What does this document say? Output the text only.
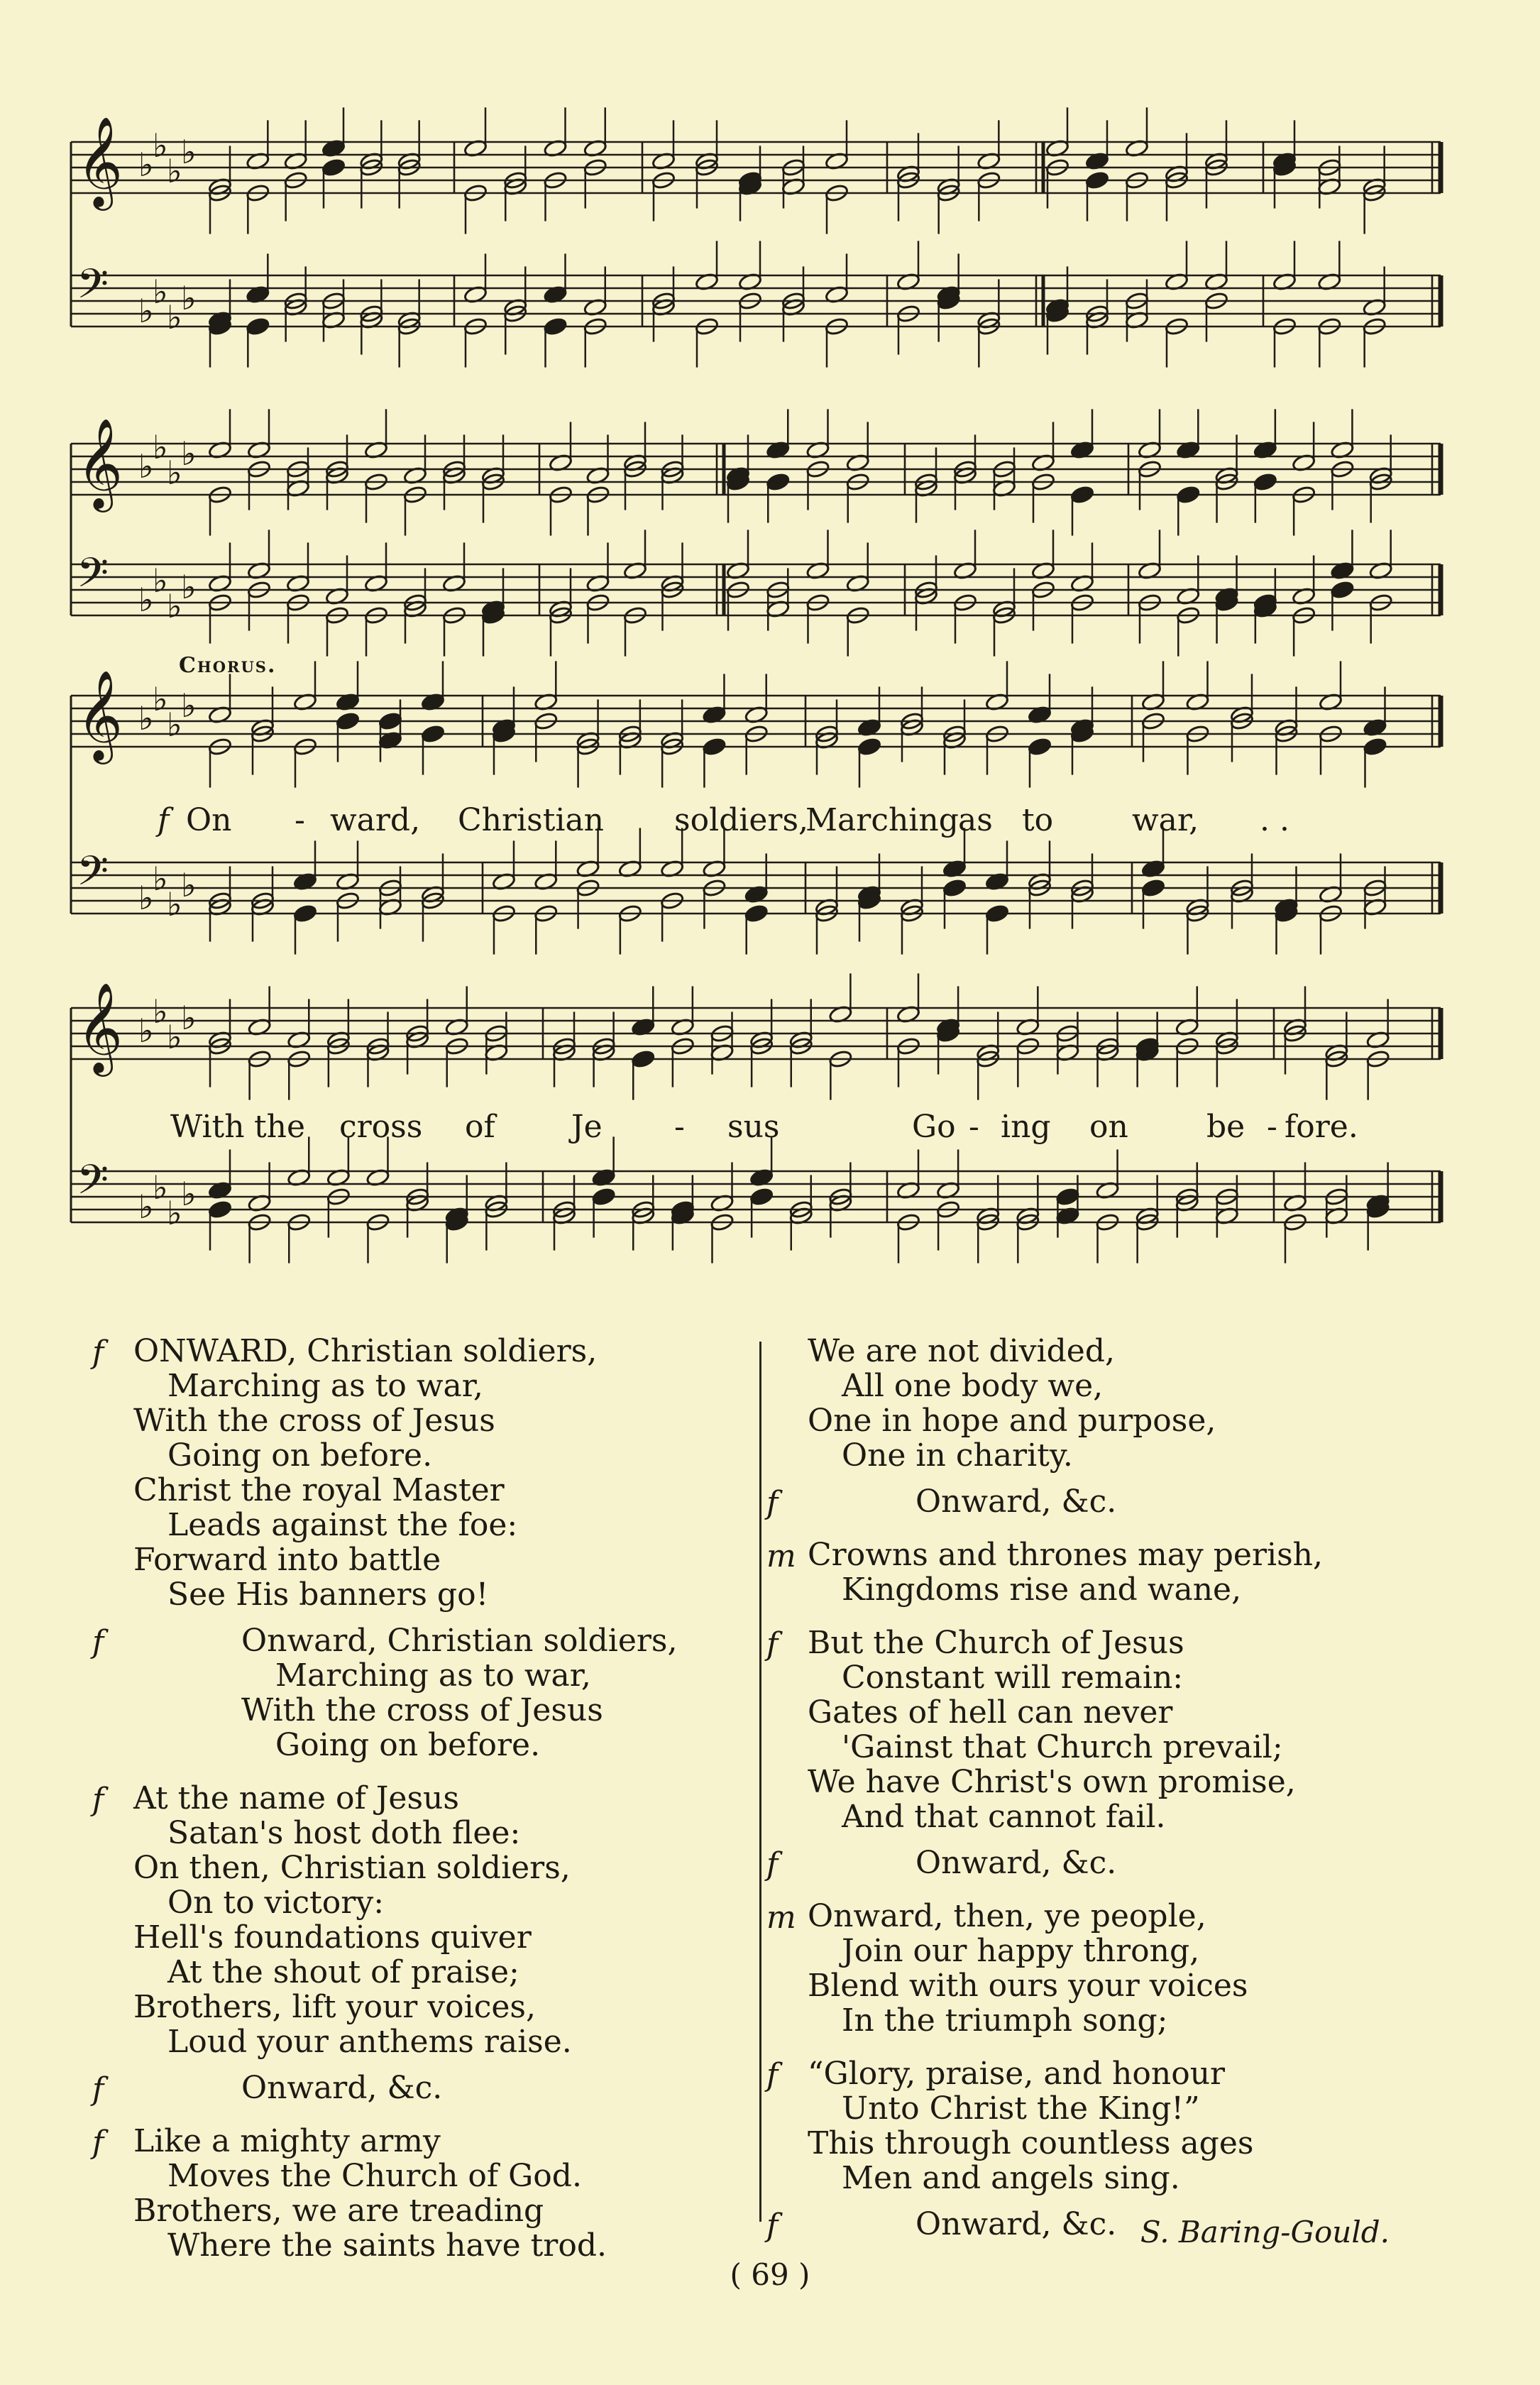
𝄞 ♭
♭
♭
♭
𝄢 ♭
♭
♭
♭
𝄞 ♭
♭
♭
♭
𝄢 ♭
♭
♭
♭
𝄞 ♭
♭
♭
♭
𝄢 ♭
♭
♭
♭
𝄞 ♭
♭
♭
♭
𝄢 ♭
♭
♭
♭
Chorus.
f On - ward, Christian soldiers,
Marching as to	war, . .
With the cross of Je - sus	Go - ing on	be - fore.
f ONWARD, Christian soldiers,
Marching as to war,
With the cross of Jesus
Going on before.
Christ the royal Master
Leads against the foe:
Forward into battle
See His banners go!
f	Onward, Christian soldiers,
Marching as to war,
With the cross of Jesus
Going on before.
f At the name of Jesus
Satan's host doth flee:
On then, Christian soldiers,
On to victory:
Hell's foundations quiver
At the shout of praise;
Brothers, lift your voices,
Loud your anthems raise.
f	Onward, &c.
f Like a mighty army
Moves the Church of God.
Brothers, we are treading
Where the saints have trod.
We are not divided,
All one body we,
One in hope and purpose,
One in charity.
f	Onward, &c.
m Crowns and thrones may perish,
Kingdoms rise and wane,
f But the Church of Jesus
Constant will remain:
Gates of hell can never
'Gainst that Church prevail;
We have Christ's own promise,
And that cannot fail.
f	Onward, &c.
m Onward, then, ye people,
Join our happy throng,
Blend with ours your voices
In the triumph song;
f “Glory, praise, and honour
Unto Christ the King!”
This through countless ages
Men and angels sing.
f	Onward, &c. S. Baring-Gould.
( 69 )
